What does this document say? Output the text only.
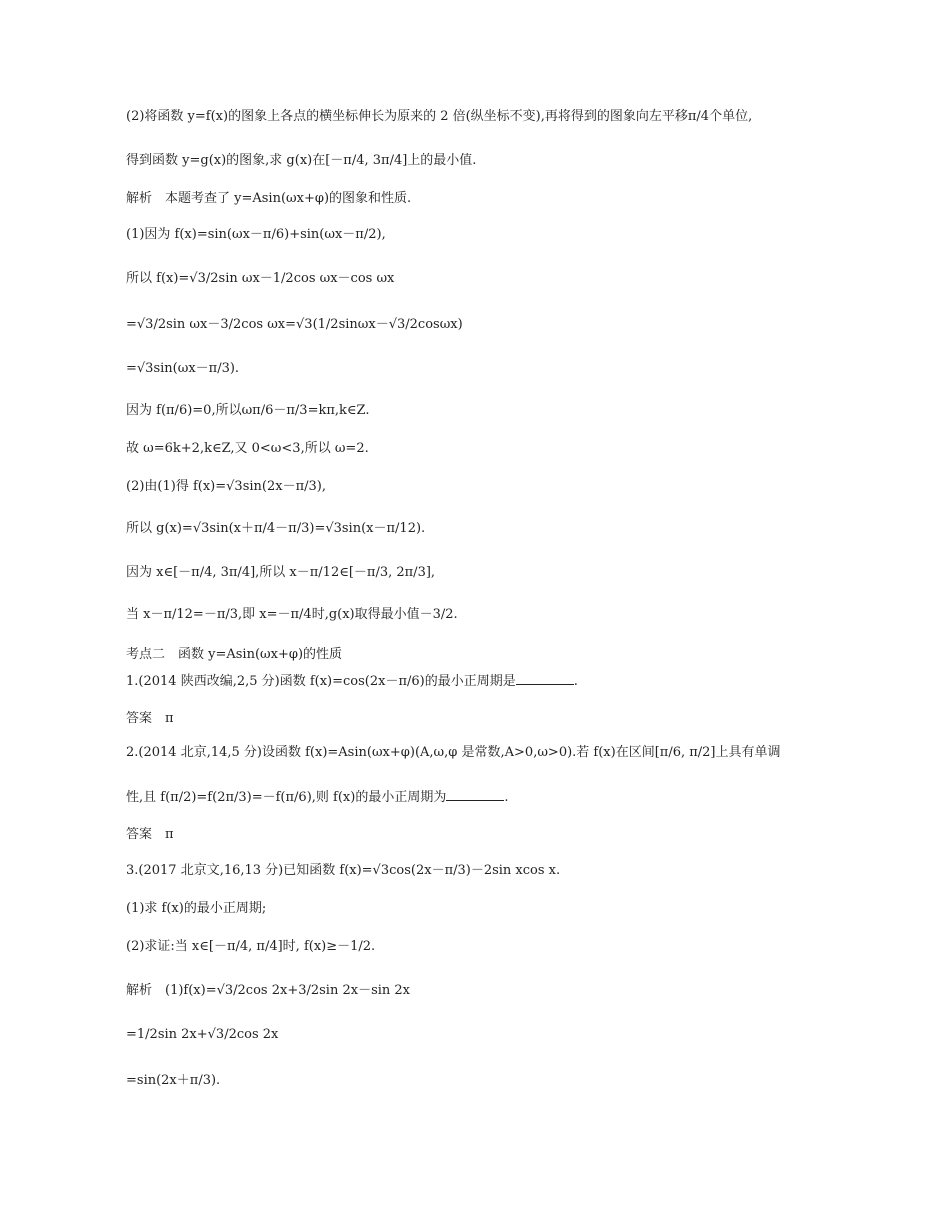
(2)将函数 y=f(x)的图象上各点的横坐标伸长为原来的 2 倍(纵坐标不变),再将得到的图象向左平移π/4个单位,
得到函数 y=g(x)的图象,求 g(x)在[－π/4, 3π/4]上的最小值.
解析　本题考查了 y=Asin(ωx+φ)的图象和性质.
(1)因为 f(x)=sin(ωx－π/6)+sin(ωx－π/2),
所以 f(x)=√3/2sin ωx－1/2cos ωx－cos ωx
=√3/2sin ωx－3/2cos ωx=√3(1/2sinωx－√3/2cosωx)
=√3sin(ωx－π/3).
因为 f(π/6)=0,所以ωπ/6－π/3=kπ,k∈Z.
故 ω=6k+2,k∈Z,又 0<ω<3,所以 ω=2.
(2)由(1)得 f(x)=√3sin(2x－π/3),
所以 g(x)=√3sin(x＋π/4－π/3)=√3sin(x－π/12).
因为 x∈[－π/4, 3π/4],所以 x－π/12∈[－π/3, 2π/3],
当 x－π/12=－π/3,即 x=－π/4时,g(x)取得最小值－3/2.
考点二　函数 y=Asin(ωx+φ)的性质
1.(2014 陕西改编,2,5 分)函数 f(x)=cos(2x－π/6)的最小正周期是	.
答案　π
2.(2014 北京,14,5 分)设函数 f(x)=Asin(ωx+φ)(A,ω,φ 是常数,A>0,ω>0).若 f(x)在区间[π/6, π/2]上具有单调
性,且 f(π/2)=f(2π/3)=－f(π/6),则 f(x)的最小正周期为	.
答案　π
3.(2017 北京文,16,13 分)已知函数 f(x)=√3cos(2x－π/3)－2sin xcos x.
(1)求 f(x)的最小正周期;
(2)求证:当 x∈[－π/4, π/4]时, f(x)≥－1/2.
解析　(1)f(x)=√3/2cos 2x+3/2sin 2x－sin 2x
=1/2sin 2x+√3/2cos 2x
=sin(2x＋π/3).
